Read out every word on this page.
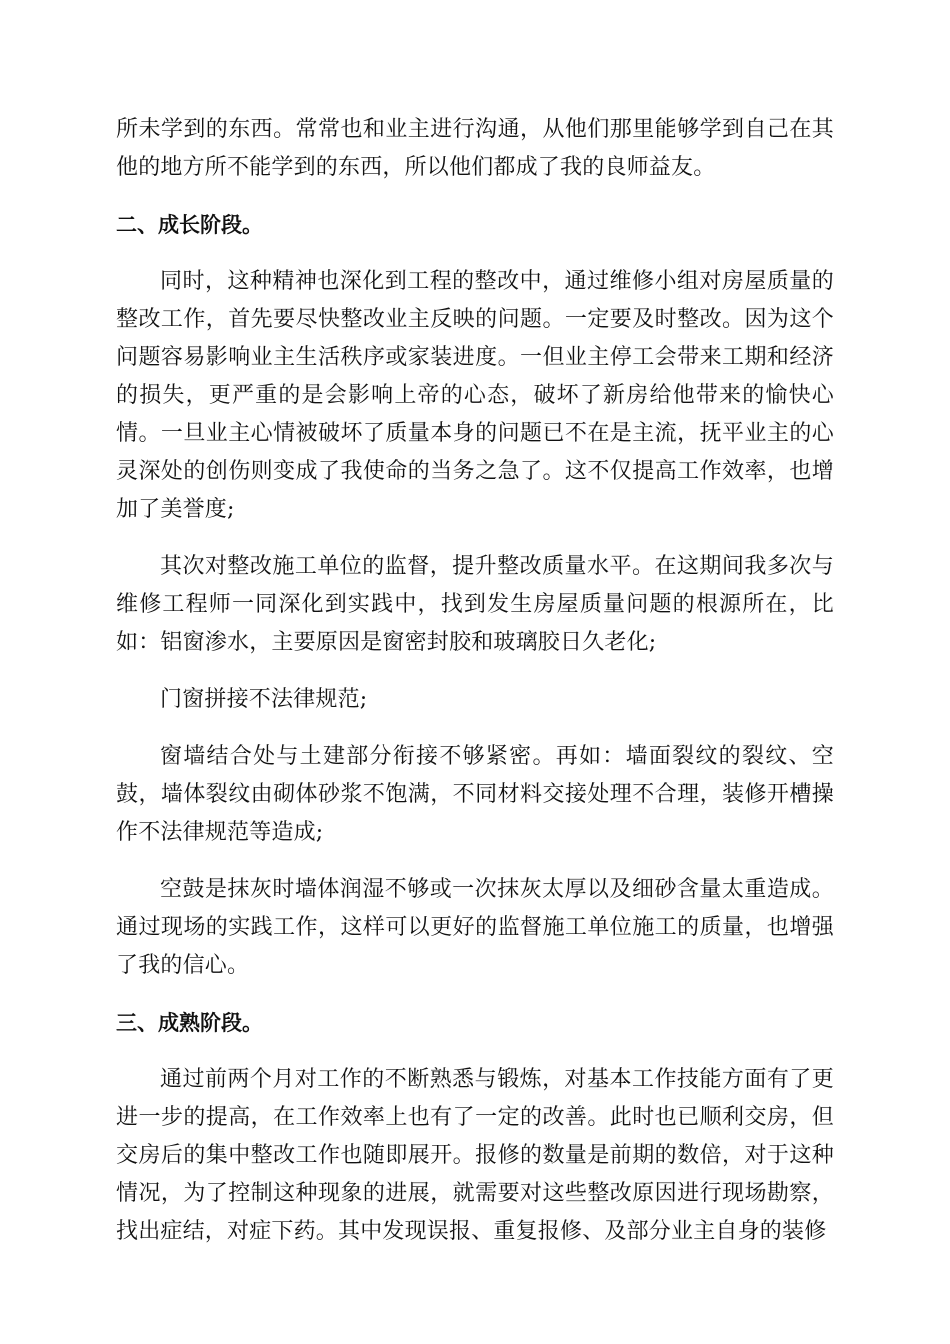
所未学到的东西。常常也和业主进行沟通，从他们那里能够学到自己在其他的地方所不能学到的东西，所以他们都成了我的良师益友。

二、成长阶段。

同时，这种精神也深化到工程的整改中，通过维修小组对房屋质量的整改工作，首先要尽快整改业主反映的问题。一定要及时整改。因为这个问题容易影响业主生活秩序或家装进度。一但业主停工会带来工期和经济的损失，更严重的是会影响上帝的心态，破坏了新房给他带来的愉快心情。一旦业主心情被破坏了质量本身的问题已不在是主流，抚平业主的心灵深处的创伤则变成了我使命的当务之急了。这不仅提高工作效率，也增加了美誉度;

其次对整改施工单位的监督，提升整改质量水平。在这期间我多次与维修工程师一同深化到实践中，找到发生房屋质量问题的根源所在，比如：铝窗渗水，主要原因是窗密封胶和玻璃胶日久老化;

门窗拼接不法律规范;

窗墙结合处与土建部分衔接不够紧密。再如：墙面裂纹的裂纹、空鼓，墙体裂纹由砌体砂浆不饱满，不同材料交接处理不合理，装修开槽操作不法律规范等造成;

空鼓是抹灰时墙体润湿不够或一次抹灰太厚以及细砂含量太重造成。通过现场的实践工作，这样可以更好的监督施工单位施工的质量，也增强了我的信心。

三、成熟阶段。

通过前两个月对工作的不断熟悉与锻炼，对基本工作技能方面有了更进一步的提高，在工作效率上也有了一定的改善。此时也已顺利交房，但交房后的集中整改工作也随即展开。报修的数量是前期的数倍，对于这种情况，为了控制这种现象的进展，就需要对这些整改原因进行现场勘察，找出症结，对症下药。其中发现误报、重复报修、及部分业主自身的装修
